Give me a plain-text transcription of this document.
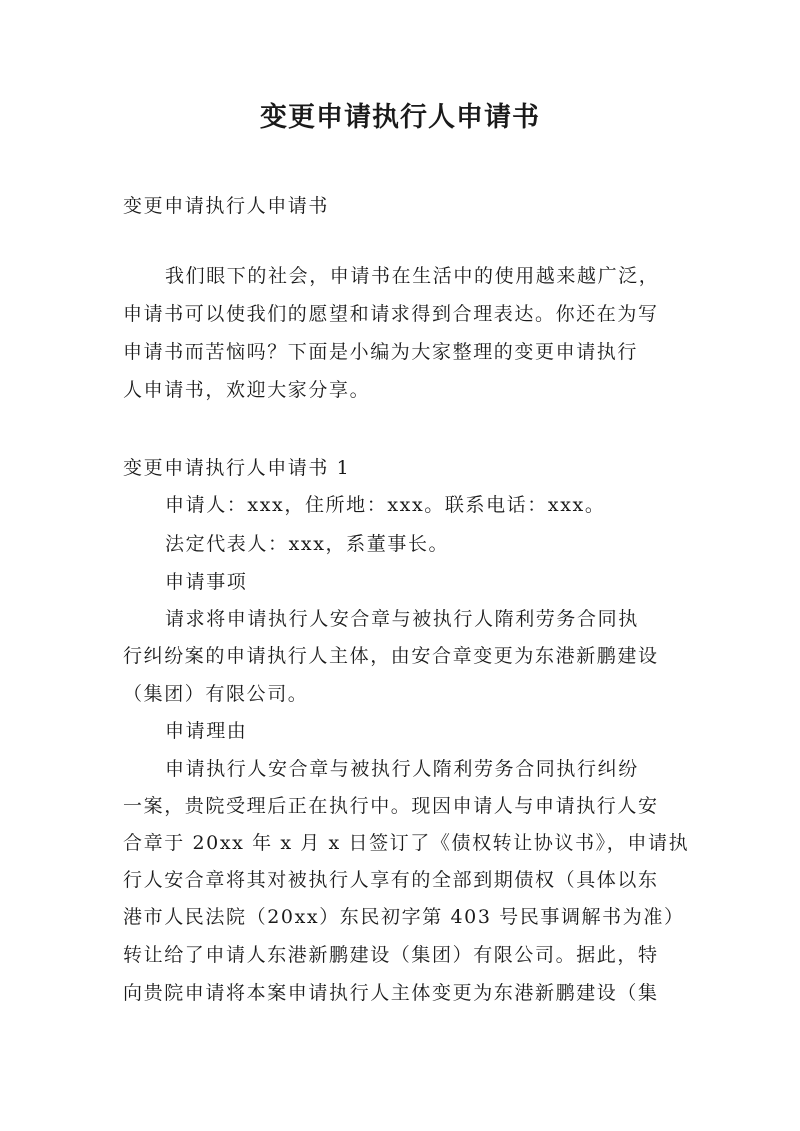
变更申请执行人申请书
变更申请执行人申请书
我们眼下的社会，申请书在生活中的使用越来越广泛，
申请书可以使我们的愿望和请求得到合理表达。你还在为写
申请书而苦恼吗？下面是小编为大家整理的变更申请执行
人申请书，欢迎大家分享。
变更申请执行人申请书 1
申请人：xxx，住所地：xxx。联系电话：xxx。
法定代表人：xxx，系董事长。
申请事项
请求将申请执行人安合章与被执行人隋利劳务合同执
行纠纷案的申请执行人主体，由安合章变更为东港新鹏建设
（集团）有限公司。
申请理由
申请执行人安合章与被执行人隋利劳务合同执行纠纷
一案，贵院受理后正在执行中。现因申请人与申请执行人安
合章于 20xx 年 x 月 x 日签订了《债权转让协议书》，申请执
行人安合章将其对被执行人享有的全部到期债权（具体以东
港市人民法院（20xx）东民初字第 403 号民事调解书为准）
转让给了申请人东港新鹏建设（集团）有限公司。据此，特
向贵院申请将本案申请执行人主体变更为东港新鹏建设（集
